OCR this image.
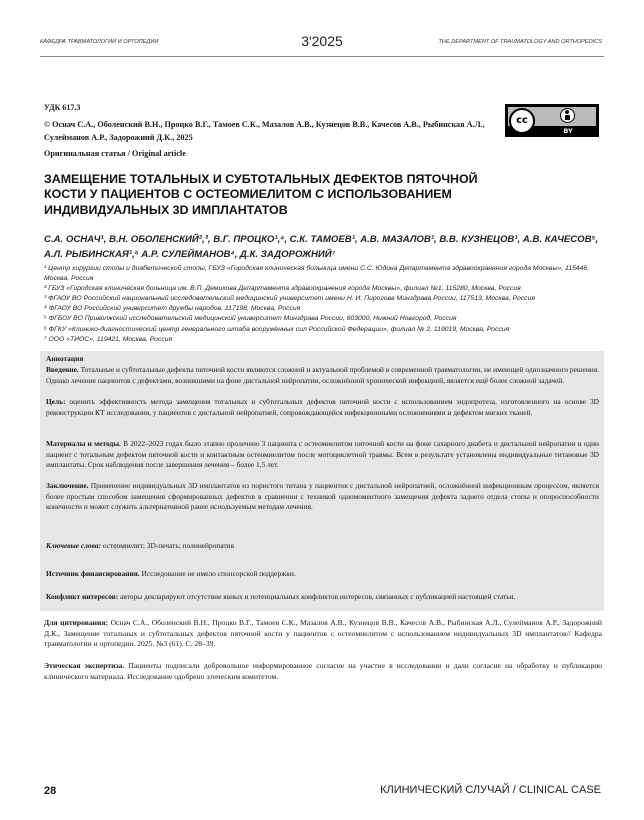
КАФЕДРА ТРАВМАТОЛОГИИ И ОРТОПЕДИИ	3'2025	THE DEPARTMENT OF TRAUMATOLOGY AND ORTHOPEDICS
УДК 617.3
© Оснач С.А., Оболенский В.Н., Процко В.Г., Тамоев С.К., Мазалов А.В., Кузнецов В.В., Качесов А.В., Рыбинская А.Л., Сулейманов А.Р., Задорожний Д.К., 2025
Оригинальная статья / Original article
cc
BY
ЗАМЕЩЕНИЕ ТОТАЛЬНЫХ И СУБТОТАЛЬНЫХ ДЕФЕКТОВ ПЯТОЧНОЙ КОСТИ У ПАЦИЕНТОВ С ОСТЕОМИЕЛИТОМ С ИСПОЛЬЗОВАНИЕМ ИНДИВИДУАЛЬНЫХ 3D ИМПЛАНТАТОВ
С.А. ОСНАЧ¹, В.Н. ОБОЛЕНСКИЙ²,³, В.Г. ПРОЦКО¹,⁴, С.К. ТАМОЕВ¹, А.В. МАЗАЛОВ¹, В.В. КУЗНЕЦОВ¹, А.В. КАЧЕСОВ⁵, А.Л. РЫБИНСКАЯ¹,⁶ А.Р. СУЛЕЙМАНОВ⁴, Д.К. ЗАДОРОЖНИЙ⁷
¹ Центр хирургии стопы и диабетической стопы, ГБУЗ «Городская клиническая больница имени С.С. Юдина Департамента здравоохранения города Москвы», 115446, Москва, Россия
² ГБУЗ «Городская клиническая больница им. В.П. Демихова Департамента здравоохранения города Москвы», филиал №1, 115280, Москва, Россия
³ ФГАОУ ВО Российский национальный исследовательский медицинский университет имени Н. И. Пирогова Минздрава России, 117513, Москва, Россия
⁴ ФГАОУ ВО Российский университет дружбы народов, 117198, Москва, Россия
⁵ ФГБОУ ВО Приволжский исследовательский медицинский университет Минздрава России, 603000, Нижний Новгород, Россия
⁶ ФГКУ «Клинико-диагностический центр генерального штаба вооружённых сил Российской Федерации», филиал № 2, 119019, Москва, Россия
⁷ ООО «ТИОС», 119421, Москва, Россия
Аннотация
Введение. Тотальные и субтотальные дефекты пяточной кости являются сложной и актуальной проблемой в современной травматологии, не имеющей однозначного решения. Однако лечение пациентов с дефектами, возникшими на фоне дистальной нейропатии, осложнённой хронической инфекцией, является ещё более сложной задачей.
Цель: оценить эффективность метода замещения тотальных и субтотальных дефектов пяточной кости с использованием эндопротеза, изготовленного на основе 3D реконструкции КТ исследования, у пациентов с дистальной нейропатией, сопровождающейся инфекционными осложнениями и дефектом мягких тканей.
Материалы и методы. В 2022–2023 годах было этапно пролечено 3 пациента с остеомиелитом пяточной кости на фоне сахарного диабета и дистальной нейропатии и один пациент с тотальным дефектом пяточной кости и контактным остеомиелитом после мотоциклетной травмы. Всем в результате установлены индивидуальные титановые 3D имплантаты. Срок наблюдения после завершения лечения – более 1,5 лет.
Заключение. Применение индивидуальных 3D имплантатов из пористого титана у пациентов с дистальной нейропатией, осложнённой инфекционным процессом, является более простым способом замещения сформированных дефектов в сравнении с техникой одномоментного замещения дефекта заднего отдела стопы и опороспособности конечности и может служить альтернативной ранее используемым методам лечения.
Ключевые слова: остеомиелит; 3D-печать; полинейропатия
Источник финансирования. Исследование не имело спонсорской поддержки.
Конфликт интересов: авторы декларируют отсутствие явных и потенциальных конфликтов интересов, связанных с публикацией настоящей статьи.
Для цитирования: Оснач С.А., Оболенский В.Н., Процко В.Г., Тамоев С.К., Мазалов А.В., Кузнецов В.В., Качесов А.В., Рыбинская А.Л., Сулейманов А.Р., Задорожний Д.К., Замещение тотальных и субтотальных дефектов пяточной кости у пациентов с остеомиелитом с использованием индивидуальных 3D имплантатов// Кафедра травматологии и ортопедии. 2025. №3 (61). С. 28–39.
Этическая экспертиза. Пациенты подписали добровольное информированное согласие на участие в исследовании и дали согласие на обработку и публикацию клинического материала. Исследование одобрено этическим комитетом.
28	КЛИНИЧЕСКИЙ СЛУЧАЙ / CLINICAL CASE
